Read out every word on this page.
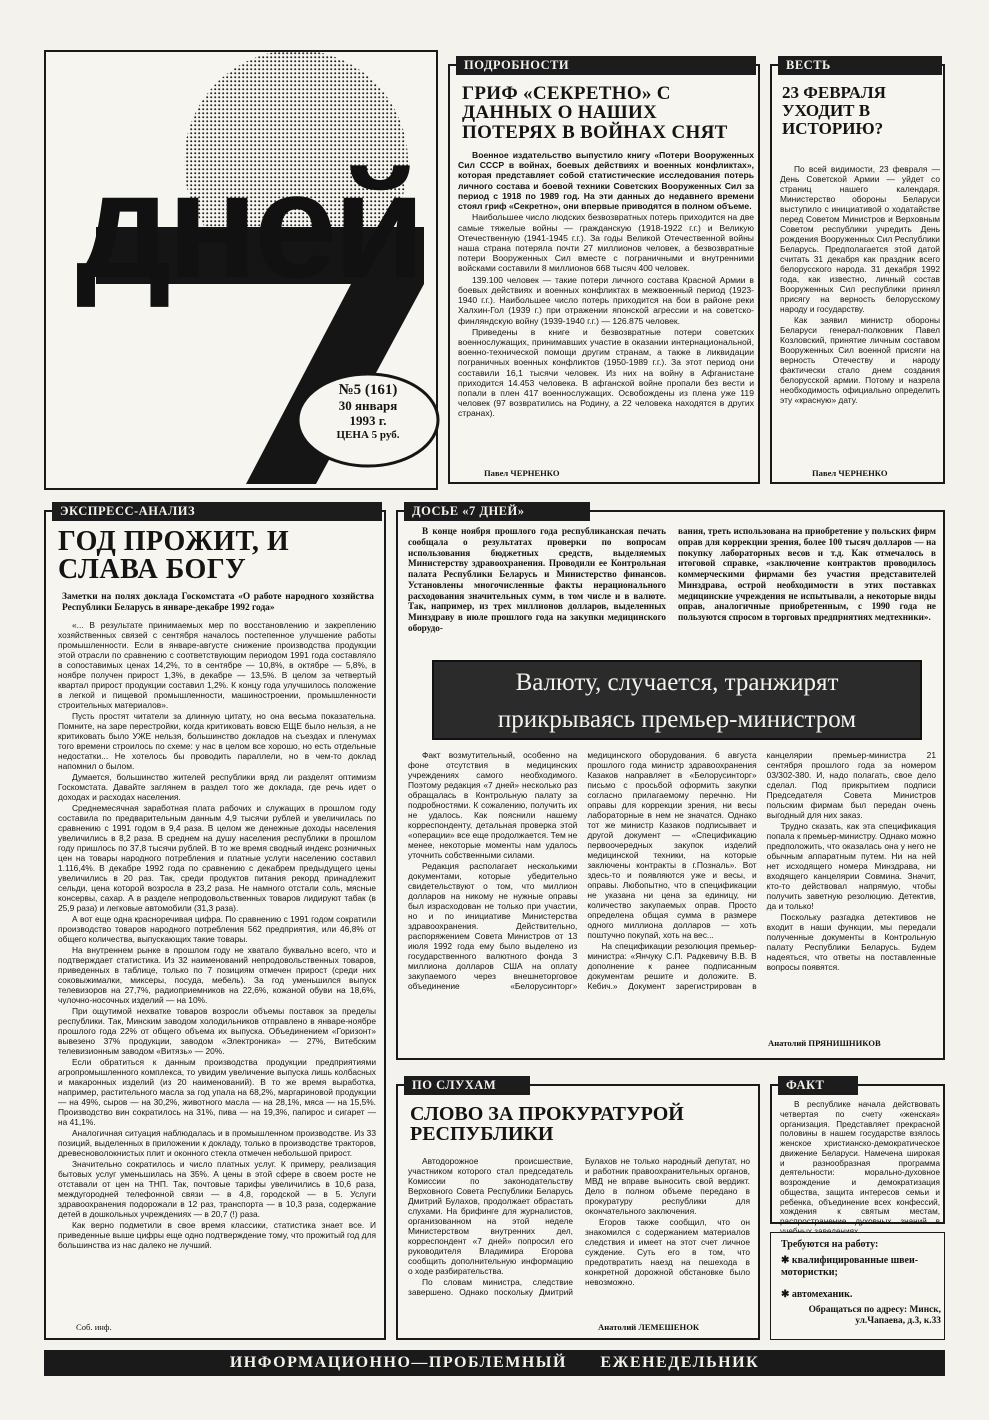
дней
№5 (161)
30 января
1993 г.
ЦЕНА 5 руб.
ГРИФ «СЕКРЕТНО» С ДАННЫХ О НАШИХ ПОТЕРЯХ В ВОЙНАХ СНЯТ

Военное издательство выпустило книгу «Потери Вооруженных Сил СССР в войнах, боевых действиях и военных конфликтах», которая представляет собой статистические исследования потерь личного состава и боевой техники Советских Вооруженных Сил за период с 1918 по 1989 год. На эти данных до недавнего времени стоял гриф «Секретно», они впервые приводятся в полном объеме.

Наибольшее число людских безвозвратных потерь приходится на две самые тяжелые войны — гражданскую (1918-1922 г.г.) и Великую Отечественную (1941-1945 г.г.). За годы Великой Отечественной войны наша страна потеряла почти 27 миллионов человек, а безвозвратные потери Вооруженных Сил вместе с пограничными и внутренними войсками составили 8 миллионов 668 тысяч 400 человек.

139.100 человек — такие потери личного состава Красной Армии в боевых действиях и военных конфликтах в межвоенный период (1923-1940 г.г.). Наибольшее число потерь приходится на бои в районе реки Халхин-Гол (1939 г.) при отражении японской агрессии и на советско-финляндскую войну (1939-1940 г.г.) — 126.875 человек.

Приведены в книге и безвозвратные потери советских военнослужащих, принимавших участие в оказании интернациональной, военно-технической помощи другим странам, а также в ликвидации пограничных военных конфликтов (1950-1989 г.г.). За этот период они составили 16,1 тысячи человек. Из них на войну в Афганистане приходится 14.453 человека. В афганской войне пропали без вести и попали в плен 417 военнослужащих. Освобождены из плена уже 119 человек (97 возвратились на Родину, а 22 человека находятся в других странах).

Павел ЧЕРНЕНКО
ПОДРОБНОСТИ
23 ФЕВРАЛЯ УХОДИТ В ИСТОРИЮ?

По всей видимости, 23 февраля — День Советской Армии — уйдет со страниц нашего календаря. Министерство обороны Беларуси выступило с инициативой о ходатайстве перед Советом Министров и Верховным Советом республики учредить День рождения Вооруженных Сил Республики Беларусь. Предполагается этой датой считать 31 декабря как праздник всего белорусского народа. 31 декабря 1992 года, как известно, личный состав Вооруженных Сил республики принял присягу на верность белорусскому народу и государству.

Как заявил министр обороны Беларуси генерал-полковник Павел Козловский, принятие личным составом Вооруженных Сил военной присяги на верность Отечеству и народу фактически стало днем создания белорусской армии. Потому и назрела необходимость официально определить эту «красную» дату.

Павел ЧЕРНЕНКО
ВЕСТЬ
ГОД ПРОЖИТ, И СЛАВА БОГУ
Заметки на полях доклада Госкомстата «О работе народного хозяйства Республики Беларусь в январе-декабре 1992 года»

«... В результате принимаемых мер по восстановлению и закреплению хозяйственных связей с сентября началось постепенное улучшение работы промышленности. Если в январе-августе снижение производства продукции этой отрасли по сравнению с соответствующим периодом 1991 года составляло в сопоставимых ценах 14,2%, то в сентябре — 10,8%, в октябре — 5,8%, в ноябре получен прирост 1,3%, в декабре — 13,5%. В целом за четвертый квартал прирост продукции составил 1,2%. К концу года улучшилось положение в легкой и пищевой промышленности, машиностроении, промышленности строительных материалов».

Пусть простят читатели за длинную цитату, но она весьма показательна. Помните, на заре перестройки, когда критиковать вовсю ЕЩЕ было нельзя, а не критиковать было УЖЕ нельзя, большинство докладов на съездах и пленумах того времени строилось по схеме: у нас в целом все хорошо, но есть отдельные недостатки... Не хотелось бы проводить параллели, но в чем-то доклад напомнил о былом.

Думается, большинство жителей республики вряд ли разделят оптимизм Госкомстата. Давайте заглянем в раздел того же доклада, где речь идет о доходах и расходах населения.

Среднемесячная заработная плата рабочих и служащих в прошлом году составила по предварительным данным 4,9 тысячи рублей и увеличилась по сравнению с 1991 годом в 9,4 раза. В целом же денежные доходы населения увеличились в 8,2 раза. В среднем на душу населения республики в прошлом году пришлось по 37,8 тысячи рублей. В то же время сводный индекс розничных цен на товары народного потребления и платные услуги населению составил 1.116,4%. В декабре 1992 года по сравнению с декабрем предыдущего цены увеличились в 20 раз. Так, среди продуктов питания рекорд принадлежит сельди, цена которой возросла в 23,2 раза. Не намного отстали соль, мясные консервы, сахар. А в разделе непродовольственных товаров лидируют табак (в 25,9 раза) и легковые автомобили (31,3 раза).

А вот еще одна красноречивая цифра. По сравнению с 1991 годом сократили производство товаров народного потребления 562 предприятия, или 46,8% от общего количества, выпускающих такие товары.

На внутреннем рынке в прошлом году не хватало буквально всего, что и подтверждает статистика. Из 32 наименований непродовольственных товаров, приведенных в таблице, только по 7 позициям отмечен прирост (среди них соковыжималки, миксеры, посуда, мебель). За год уменьшился выпуск телевизоров на 27,7%, радиоприемников на 22,6%, кожаной обуви на 18,6%, чулочно-носочных изделий — на 10%.

При ощутимой нехватке товаров возросли объемы поставок за пределы республики. Так, Минским заводом холодильников отправлено в январе-ноябре прошлого года 22% от общего объема их выпуска. Объединением «Горизонт» вывезено 37% продукции, заводом «Электроника» — 27%, Витебским телевизионным заводом «Витязь» — 20%.

Если обратиться к данным производства продукции предприятиями агропромышленного комплекса, то увидим увеличение выпуска лишь колбасных и макаронных изделий (из 20 наименований). В то же время выработка, например, растительного масла за год упала на 68,2%, маргариновой продукции — на 49%, сыров — на 30,2%, животного масла — на 28,1%, мяса — на 15,5%. Производство вин сократилось на 31%, пива — на 19,3%, папирос и сигарет — на 41,1%.

Аналогичная ситуация наблюдалась и в промышленном производстве. Из 33 позиций, выделенных в приложении к докладу, только в производстве тракторов, древесноволокнистых плит и оконного стекла отмечен небольшой прирост.

Значительно сократилось и число платных услуг. К примеру, реализация бытовых услуг уменьшилась на 35%. А цены в этой сфере в своем росте не отставали от цен на ТНП. Так, почтовые тарифы увеличились в 10,6 раза, междугородней телефонной связи — в 4,8, городской — в 5. Услуги здравоохранения подорожали в 12 раз, транспорта — в 10,3 раза, содержание детей в дошкольных учреждениях — в 20,7 (!) раза.

Как верно подметили в свое время классики, статистика знает все. И приведенные выше цифры еще одно подтверждение тому, что прожитый год для большинства из нас далеко не лучший.

Соб. инф.
ЭКСПРЕСС-АНАЛИЗ

В конце ноября прошлого года республиканская печать сообщала о результатах проверки по вопросам использования бюджетных средств, выделяемых Министерству здравоохранения. Проводили ее Контрольная палата Республики Беларусь и Министерство финансов. Установлены многочисленные факты нерационального расходования значительных сумм, в том числе и в валюте. Так, например, из трех миллионов долларов, выделенных Минздраву в июле прошлого года на закупки медицинского оборудо-

вания, треть использована на приобретение у польских фирм оправ для коррекции зрения, более 100 тысяч долларов — на покупку лабораторных весов и т.д. Как отмечалось в итоговой справке, «заключение контрактов проводилось коммерческими фирмами без участия представителей Минздрава, острой необходимости в этих поставках медицинские учреждения не испытывали, а некоторые виды оправ, аналогичные приобретенным, с 1990 года не пользуются спросом в торговых предприятиях медтехники».

Валюту, случается, транжирят
прикрываясь премьер-министром

Факт возмутительный, особенно на фоне отсутствия в медицинских учреждениях самого необходимого. Поэтому редакция «7 дней» несколько раз обращалась в Контрольную палату за подробностями. К сожалению, получить их не удалось. Как пояснили нашему корреспонденту, детальная проверка этой «операции» все еще продолжается. Тем не менее, некоторые моменты нам удалось уточнить собственными силами.

Редакция располагает несколькими документами, которые убедительно свидетельствуют о том, что миллион долларов на никому не нужные оправы был израсходован не только при участии, но и по инициативе Министерства здравоохранения. Действительно, распоряжением Совета Министров от 13 июля 1992 года ему было выделено из государственного валютного фонда 3 миллиона долларов США на оплату закупаемого через внешнеторговое объединение «Белорусинторг» медицинского оборудования. 6 августа прошлого года министр здравоохранения Казаков направляет в «Белорусинторг» письмо с просьбой оформить закупки согласно прилагаемому перечню. Ни оправы для коррекции зрения, ни весы лабораторные в нем не значатся. Однако тот же министр Казаков подписывает и другой документ — «Спецификацию первоочередных закупок изделий медицинской техники, на которые заключены контракты в г.Позналь». Вот здесь-то и появляются уже и весы, и оправы. Любопытно, что в спецификации не указана ни цена за единицу, ни количество закупаемых оправ. Просто определена общая сумма в размере одного миллиона долларов — хоть поштучно покупай, хоть на вес...

На спецификации резолюция премьер-министра: «Янчуку С.П. Радкевичу В.В. В дополнение к ранее подписанным документам решите и доложите. В. Кебич.» Документ зарегистрирован в канцелярии премьер-министра 21 сентября прошлого года за номером 03/302-380. И, надо полагать, свое дело сделал. Под прикрытием подписи Председателя Совета Министров польским фирмам был передан очень выгодный для них заказ.

Трудно сказать, как эта спецификация попала к премьер-министру. Однако можно предположить, что оказалась она у него не обычным аппаратным путем. Ни на ней нет исходящего номера Минздрава, ни входящего канцелярии Совмина. Значит, кто-то действовал напрямую, чтобы получить заветную резолюцию. Детектив, да и только!

Поскольку разгадка детективов не входит в наши функции, мы передали полученные документы в Контрольную палату Республики Беларусь. Будем надеяться, что ответы на поставленные вопросы появятся.

Анатолий ПРЯНИШНИКОВ
ДОСЬЕ «7 ДНЕЙ»
СЛОВО ЗА ПРОКУРАТУРОЙ РЕСПУБЛИКИ

Автодорожное происшествие, участником которого стал председатель Комиссии по законодательству Верховного Совета Республики Беларусь Дмитрий Булахов, продолжает обрастать слухами. На брифинге для журналистов, организованном на этой неделе Министерством внутренних дел, корреспондент «7 дней» попросил его руководителя Владимира Егорова сообщить дополнительную информацию о ходе разбирательства.

По словам министра, следствие завершено. Однако поскольку Дмитрий Булахов не только народный депутат, но и работник правоохранительных органов, МВД не вправе выносить свой вердикт. Дело в полном объеме передано в прокуратуру республики для окончательного заключения.

Егоров также сообщил, что он знакомился с содержанием материалов следствия и имеет на этот счет личное суждение. Суть его в том, что предотвратить наезд на пешехода в конкретной дорожной обстановке было невозможно.

Анатолий ЛЕМЕШЕНОК
ПО СЛУХАМ

В республике начала действовать четвертая по счету «женская» организация. Представляет прекрасной половины в нашем государстве взялось женское христианско-демократическое движение Беларуси. Намечена широкая и разнообразная программа деятельности: морально-духовное возрождение и демократизация общества, защита интересов семьи и ребенка, объединение всех конфессий, хождения к святым местам, распространение духовных знаний в

ФАКТ
Требуются на работу:
✱ квалифицированные швеи-мотористки;
✱ автомеханик.
Обращаться по адресу: Минск, ул.Чапаева, д.3, к.33
ИНФОРМАЦИОННО—ПРОБЛЕМНЫЙ ЕЖЕНЕДЕЛЬНИК
